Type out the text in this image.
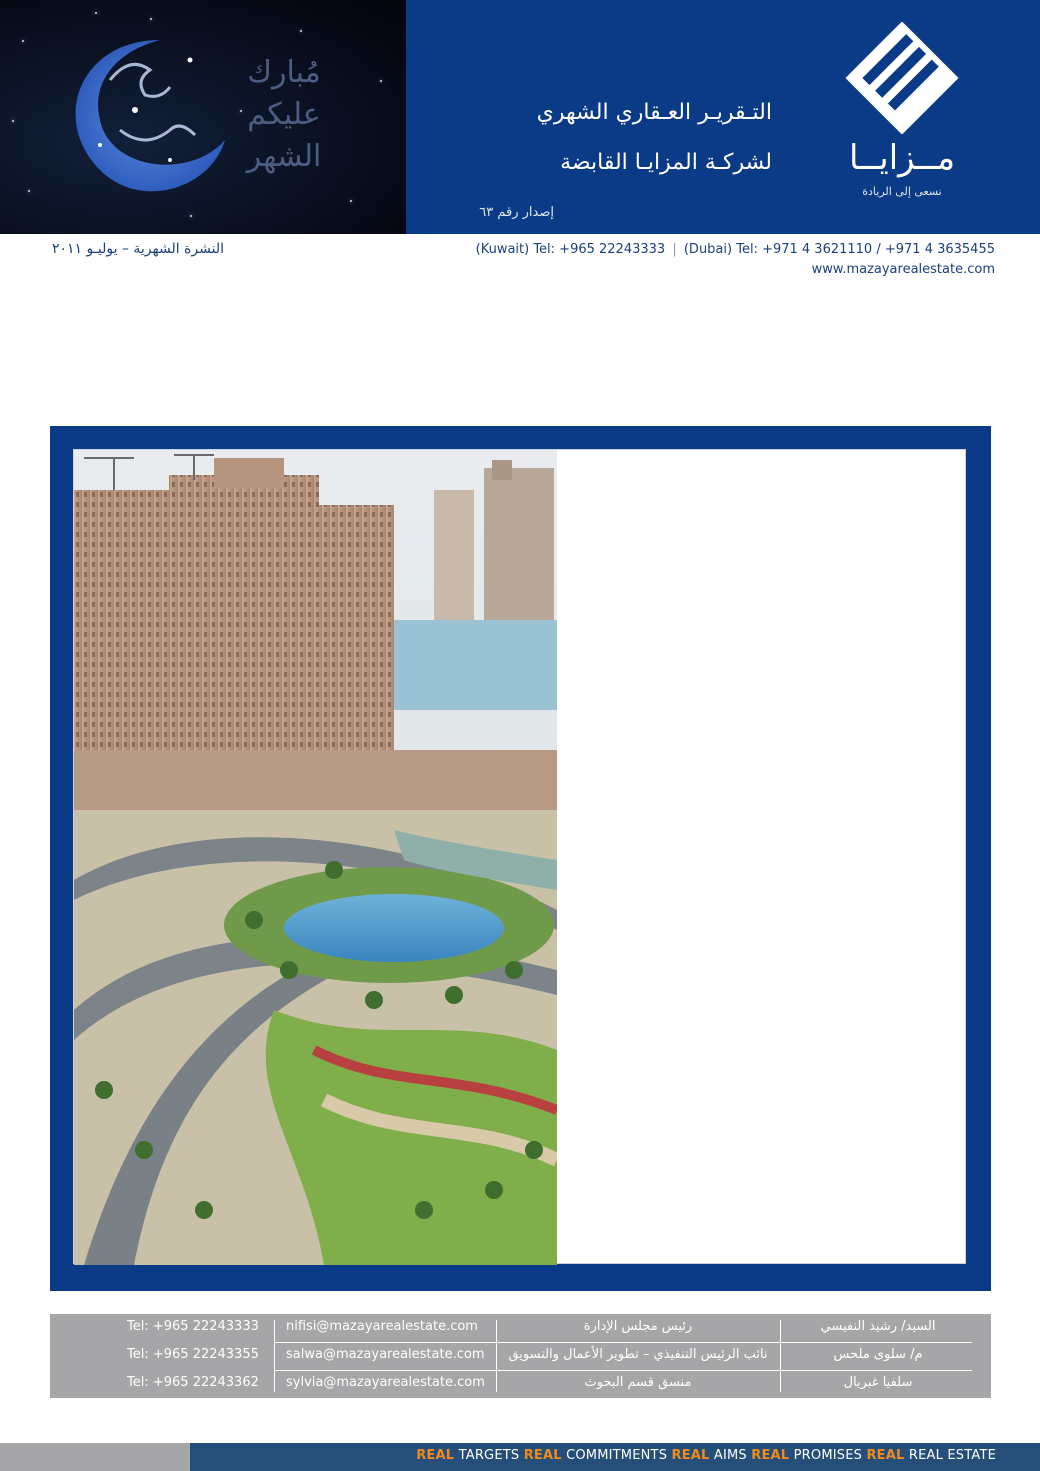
مُبارك
عليكم
الشهر
التـقريـر العـقاري الشهري
لشركـة المزايـا القابضة
إصدار رقم ٦٣
مــزايــا
نسعى إلى الريادة
النشرة الشهرية – يوليـو ٢٠١١	(Kuwait) Tel: +965 22243333 | (Dubai) Tel: +971 4 3621110 / +971 4 3635455
www.mazayarealestate.com
Tel: +965 22243333 nifisi@mazayarealestate.com	رئيس مجلس الإدارة	السيد/ رشيد النفيسي
Tel: +965 22243355 salwa@mazayarealestate.com	نائب الرئيس التنفيذي – تطوير الأعمال والتسويق	م/ سلوى ملحس
Tel: +965 22243362 sylvia@mazayarealestate.com	منسق قسم البحوث	سلفيا غبريال
REAL TARGETS REAL COMMITMENTS REAL AIMS REAL PROMISES REAL REAL ESTATE
